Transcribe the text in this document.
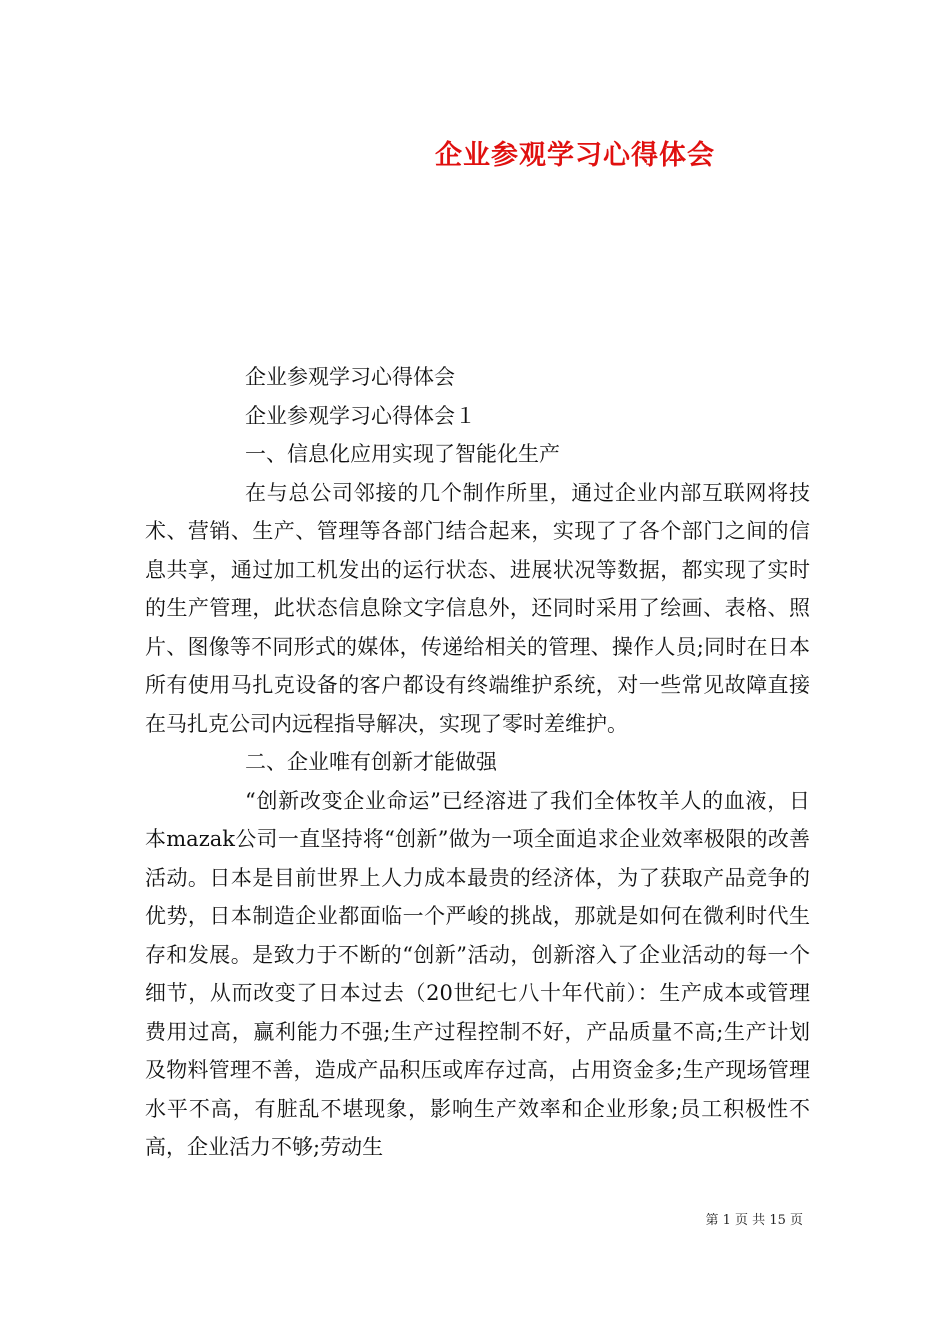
企业参观学习心得体会

企业参观学习心得体会

企业参观学习心得体会１

一、信息化应用实现了智能化生产

在与总公司邻接的几个制作所里，通过企业内部互联网将技术、营销、生产、管理等各部门结合起来，实现了了各个部门之间的信息共享，通过加工机发出的运行状态、进展状况等数据，都实现了实时的生产管理，此状态信息除文字信息外，还同时采用了绘画、表格、照片、图像等不同形式的媒体，传递给相关的管理、操作人员;同时在日本所有使用马扎克设备的客户都设有终端维护系统，对一些常见故障直接在马扎克公司内远程指导解决，实现了零时差维护。

二、企业唯有创新才能做强

“创新改变企业命运”已经溶进了我们全体牧羊人的血液，日本mazak公司一直坚持将“创新”做为一项全面追求企业效率极限的改善活动。日本是目前世界上人力成本最贵的经济体，为了获取产品竞争的优势，日本制造企业都面临一个严峻的挑战，那就是如何在微利时代生存和发展。是致力于不断的“创新”活动，创新溶入了企业活动的每一个细节，从而改变了日本过去（20世纪七八十年代前）：生产成本或管理费用过高，赢利能力不强;生产过程控制不好，产品质量不高;生产计划及物料管理不善，造成产品积压或库存过高，占用资金多;生产现场管理水平不高，有脏乱不堪现象，影响生产效率和企业形象;员工积极性不高，企业活力不够;劳动生

第 1 页 共 15 页
